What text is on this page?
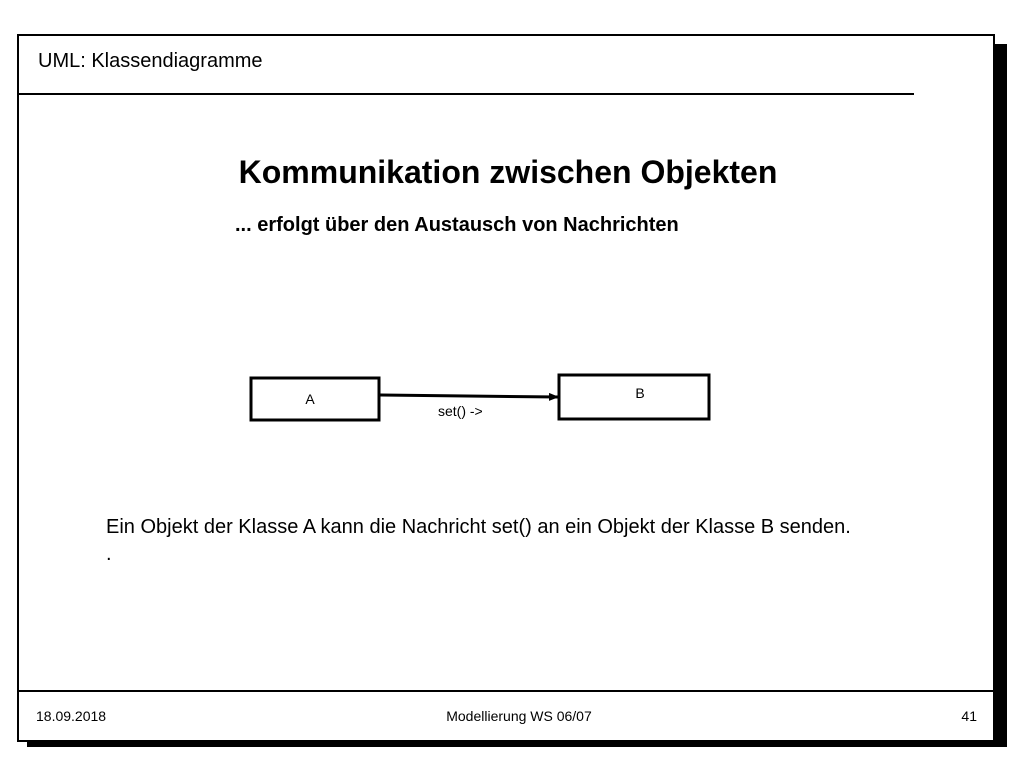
UML: Klassendiagramme
Kommunikation zwischen Objekten
... erfolgt über den Austausch von Nachrichten
A	B
set() ->
Ein Objekt der Klasse A kann die Nachricht set() an ein Objekt der Klasse B senden.
.
18.09.2018	Modellierung WS 06/07	41
